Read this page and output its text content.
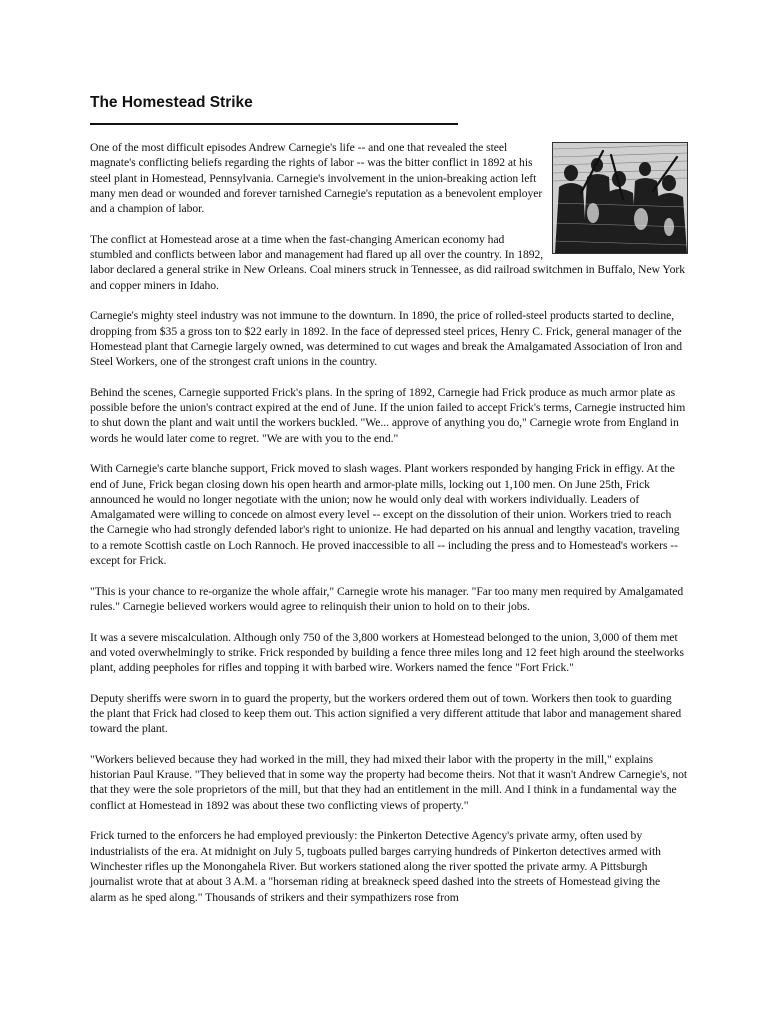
The Homestead Strike

One of the most difficult episodes Andrew Carnegie's life -- and one that revealed the steel magnate's conflicting beliefs regarding the rights of labor -- was the bitter conflict in 1892 at his steel plant in Homestead, Pennsylvania. Carnegie's involvement in the union-breaking action left many men dead or wounded and forever tarnished Carnegie's reputation as a benevolent employer and a champion of labor.

The conflict at Homestead arose at a time when the fast-changing American economy had stumbled and conflicts between labor and management had flared up all over the country. In 1892, labor declared a general strike in New Orleans. Coal miners struck in Tennessee, as did railroad switchmen in Buffalo, New York and copper miners in Idaho.

Carnegie's mighty steel industry was not immune to the downturn. In 1890, the price of rolled-steel products started to decline, dropping from $35 a gross ton to $22 early in 1892. In the face of depressed steel prices, Henry C. Frick, general manager of the Homestead plant that Carnegie largely owned, was determined to cut wages and break the Amalgamated Association of Iron and Steel Workers, one of the strongest craft unions in the country.

Behind the scenes, Carnegie supported Frick's plans. In the spring of 1892, Carnegie had Frick produce as much armor plate as possible before the union's contract expired at the end of June. If the union failed to accept Frick's terms, Carnegie instructed him to shut down the plant and wait until the workers buckled. "We... approve of anything you do," Carnegie wrote from England in words he would later come to regret. "We are with you to the end."

With Carnegie's carte blanche support, Frick moved to slash wages. Plant workers responded by hanging Frick in effigy. At the end of June, Frick began closing down his open hearth and armor-plate mills, locking out 1,100 men. On June 25th, Frick announced he would no longer negotiate with the union; now he would only deal with workers individually. Leaders of Amalgamated were willing to concede on almost every level -- except on the dissolution of their union. Workers tried to reach the Carnegie who had strongly defended labor's right to unionize. He had departed on his annual and lengthy vacation, traveling to a remote Scottish castle on Loch Rannoch. He proved inaccessible to all -- including the press and to Homestead's workers -- except for Frick.

"This is your chance to re-organize the whole affair," Carnegie wrote his manager. "Far too many men required by Amalgamated rules." Carnegie believed workers would agree to relinquish their union to hold on to their jobs.

It was a severe miscalculation. Although only 750 of the 3,800 workers at Homestead belonged to the union, 3,000 of them met and voted overwhelmingly to strike. Frick responded by building a fence three miles long and 12 feet high around the steelworks plant, adding peepholes for rifles and topping it with barbed wire. Workers named the fence "Fort Frick."

Deputy sheriffs were sworn in to guard the property, but the workers ordered them out of town. Workers then took to guarding the plant that Frick had closed to keep them out. This action signified a very different attitude that labor and management shared toward the plant.

"Workers believed because they had worked in the mill, they had mixed their labor with the property in the mill," explains historian Paul Krause. "They believed that in some way the property had become theirs. Not that it wasn't Andrew Carnegie's, not that they were the sole proprietors of the mill, but that they had an entitlement in the mill. And I think in a fundamental way the conflict at Homestead in 1892 was about these two conflicting views of property."

Frick turned to the enforcers he had employed previously: the Pinkerton Detective Agency's private army, often used by industrialists of the era. At midnight on July 5, tugboats pulled barges carrying hundreds of Pinkerton detectives armed with Winchester rifles up the Monongahela River. But workers stationed along the river spotted the private army. A Pittsburgh journalist wrote that at about 3 A.M. a "horseman riding at breakneck speed dashed into the streets of Homestead giving the alarm as he sped along." Thousands of strikers and their sympathizers rose from
